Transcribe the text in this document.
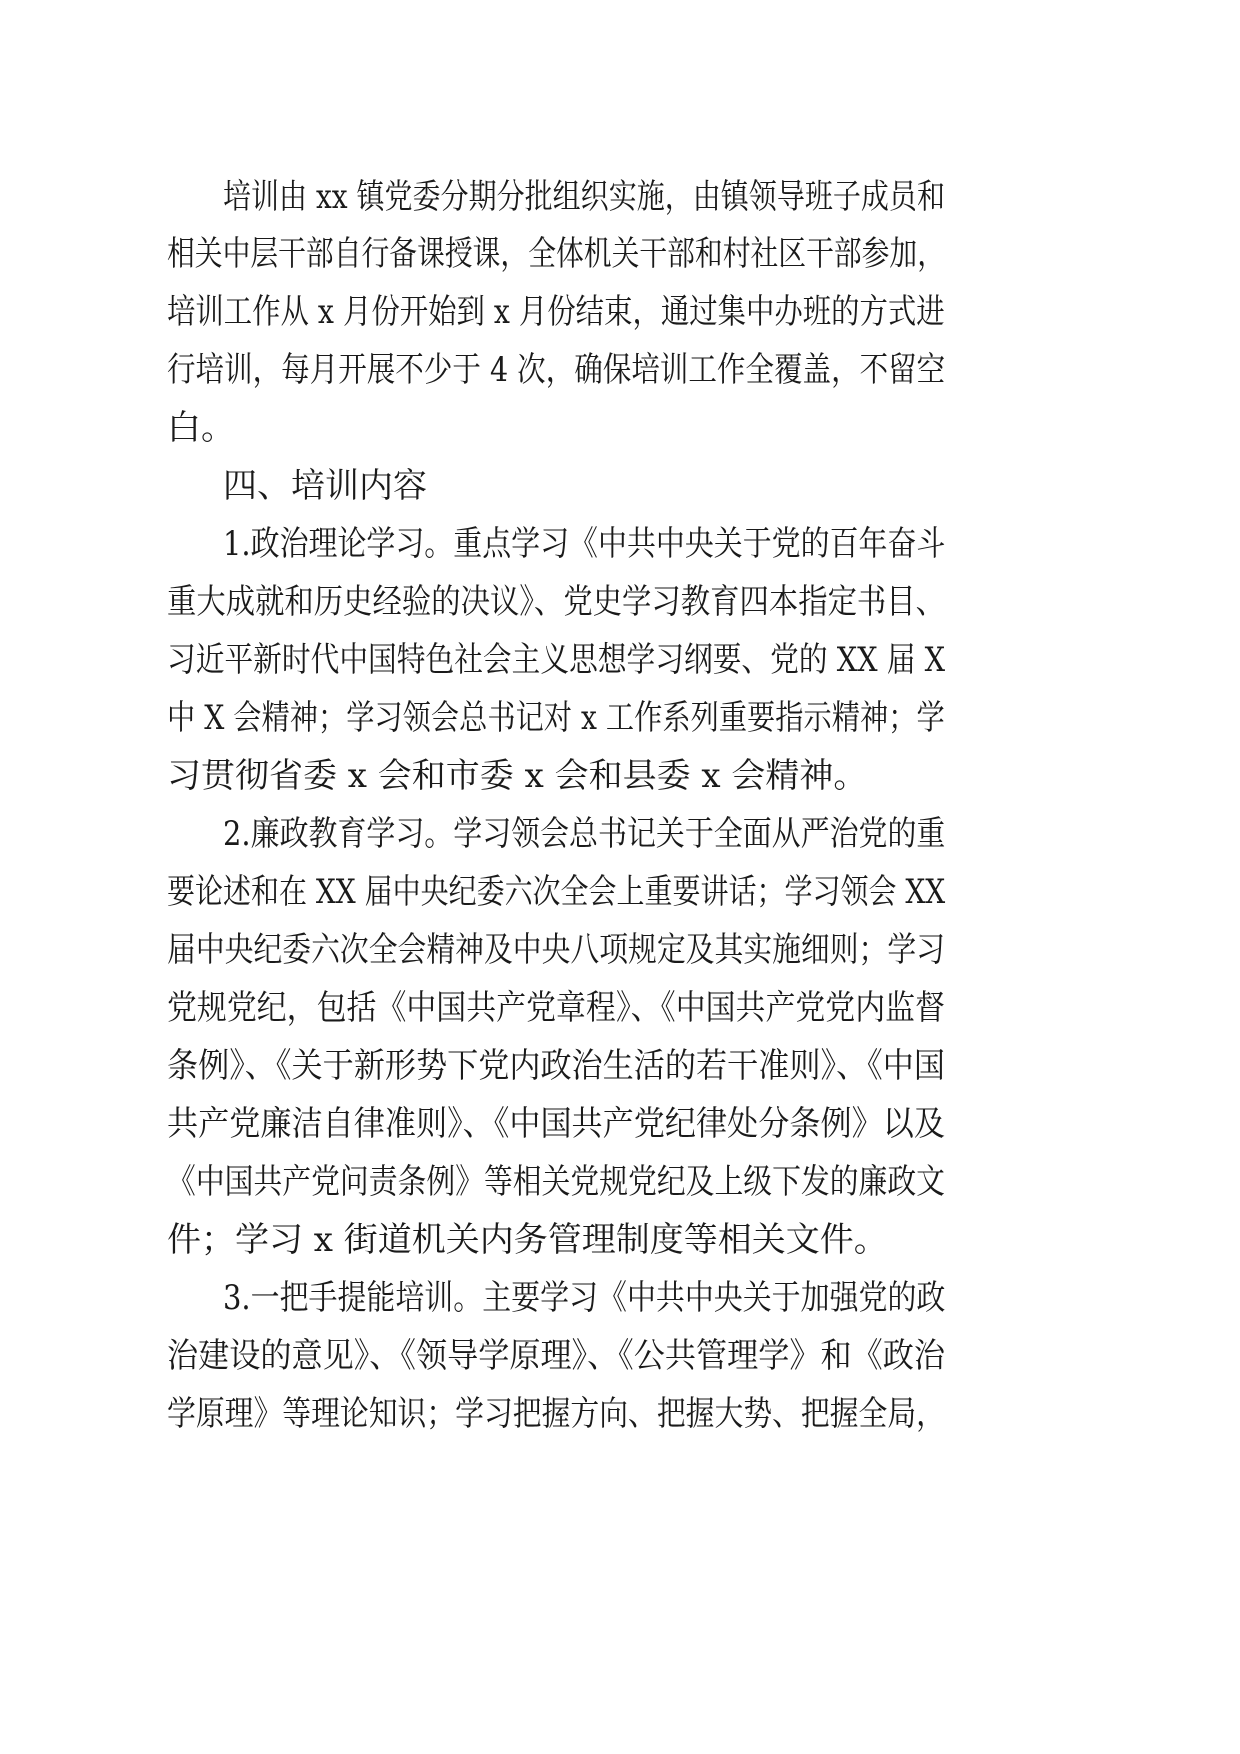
培训由 xx 镇党委分期分批组织实施，由镇领导班子成员和
相关中层干部自行备课授课，全体机关干部和村社区干部参加，
培训工作从 x 月份开始到 x 月份结束，通过集中办班的方式进
行培训，每月开展不少于 4 次，确保培训工作全覆盖，不留空
白。
四、培训内容
1.政治理论学习。重点学习《中共中央关于党的百年奋斗
重大成就和历史经验的决议》、党史学习教育四本指定书目、
习近平新时代中国特色社会主义思想学习纲要、党的 XX 届 X
中 X 会精神；学习领会总书记对 x 工作系列重要指示精神；学
习贯彻省委 x 会和市委 x 会和县委 x 会精神。
2.廉政教育学习。学习领会总书记关于全面从严治党的重
要论述和在 XX 届中央纪委六次全会上重要讲话；学习领会 XX
届中央纪委六次全会精神及中央八项规定及其实施细则；学习
党规党纪，包括《中国共产党章程》、《中国共产党党内监督
条例》、《关于新形势下党内政治生活的若干准则》、《中国
共产党廉洁自律准则》、《中国共产党纪律处分条例》以及
《中国共产党问责条例》等相关党规党纪及上级下发的廉政文
件；学习 x 街道机关内务管理制度等相关文件。
3.一把手提能培训。主要学习《中共中央关于加强党的政
治建设的意见》、《领导学原理》、《公共管理学》和《政治
学原理》等理论知识；学习把握方向、把握大势、把握全局，
